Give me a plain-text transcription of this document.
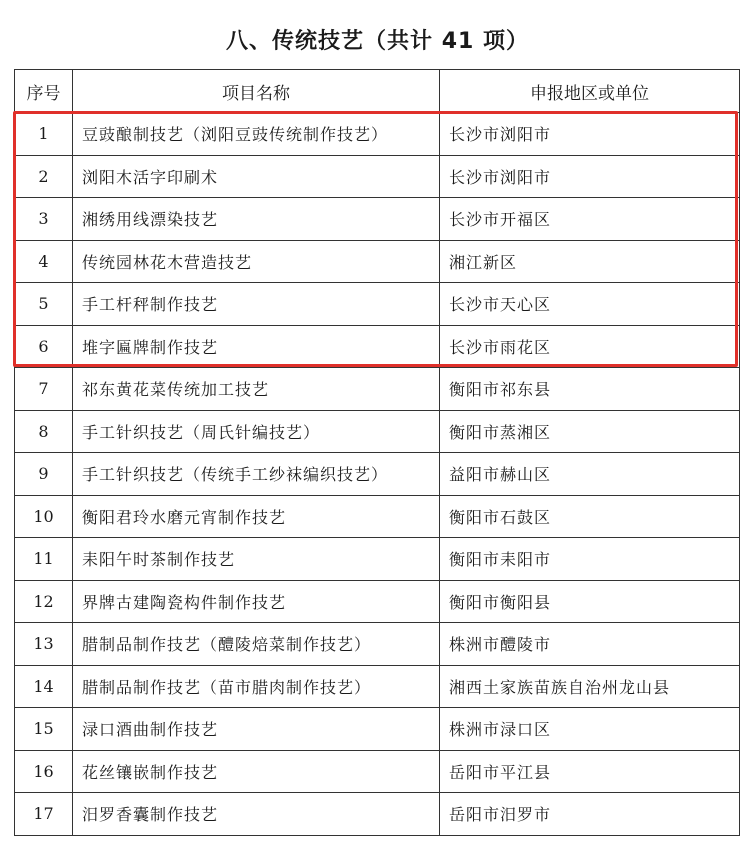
八、传统技艺（共计 41 项）
序号	项目名称	申报地区或单位
1	豆豉酿制技艺（浏阳豆豉传统制作技艺）	长沙市浏阳市
2	浏阳木活字印刷术	长沙市浏阳市
3	湘绣用线漂染技艺	长沙市开福区
4	传统园林花木营造技艺	湘江新区
5	手工杆秤制作技艺	长沙市天心区
6	堆字匾牌制作技艺	长沙市雨花区
7	祁东黄花菜传统加工技艺	衡阳市祁东县
8	手工针织技艺（周氏针编技艺）	衡阳市蒸湘区
9	手工针织技艺（传统手工纱袜编织技艺）	益阳市赫山区
10	衡阳君玲水磨元宵制作技艺	衡阳市石鼓区
11	耒阳午时茶制作技艺	衡阳市耒阳市
12	界牌古建陶瓷构件制作技艺	衡阳市衡阳县
13	腊制品制作技艺（醴陵焙菜制作技艺）	株洲市醴陵市
14	腊制品制作技艺（苗市腊肉制作技艺）	湘西土家族苗族自治州龙山县
15	渌口酒曲制作技艺	株洲市渌口区
16	花丝镶嵌制作技艺	岳阳市平江县
17	汨罗香囊制作技艺	岳阳市汨罗市
